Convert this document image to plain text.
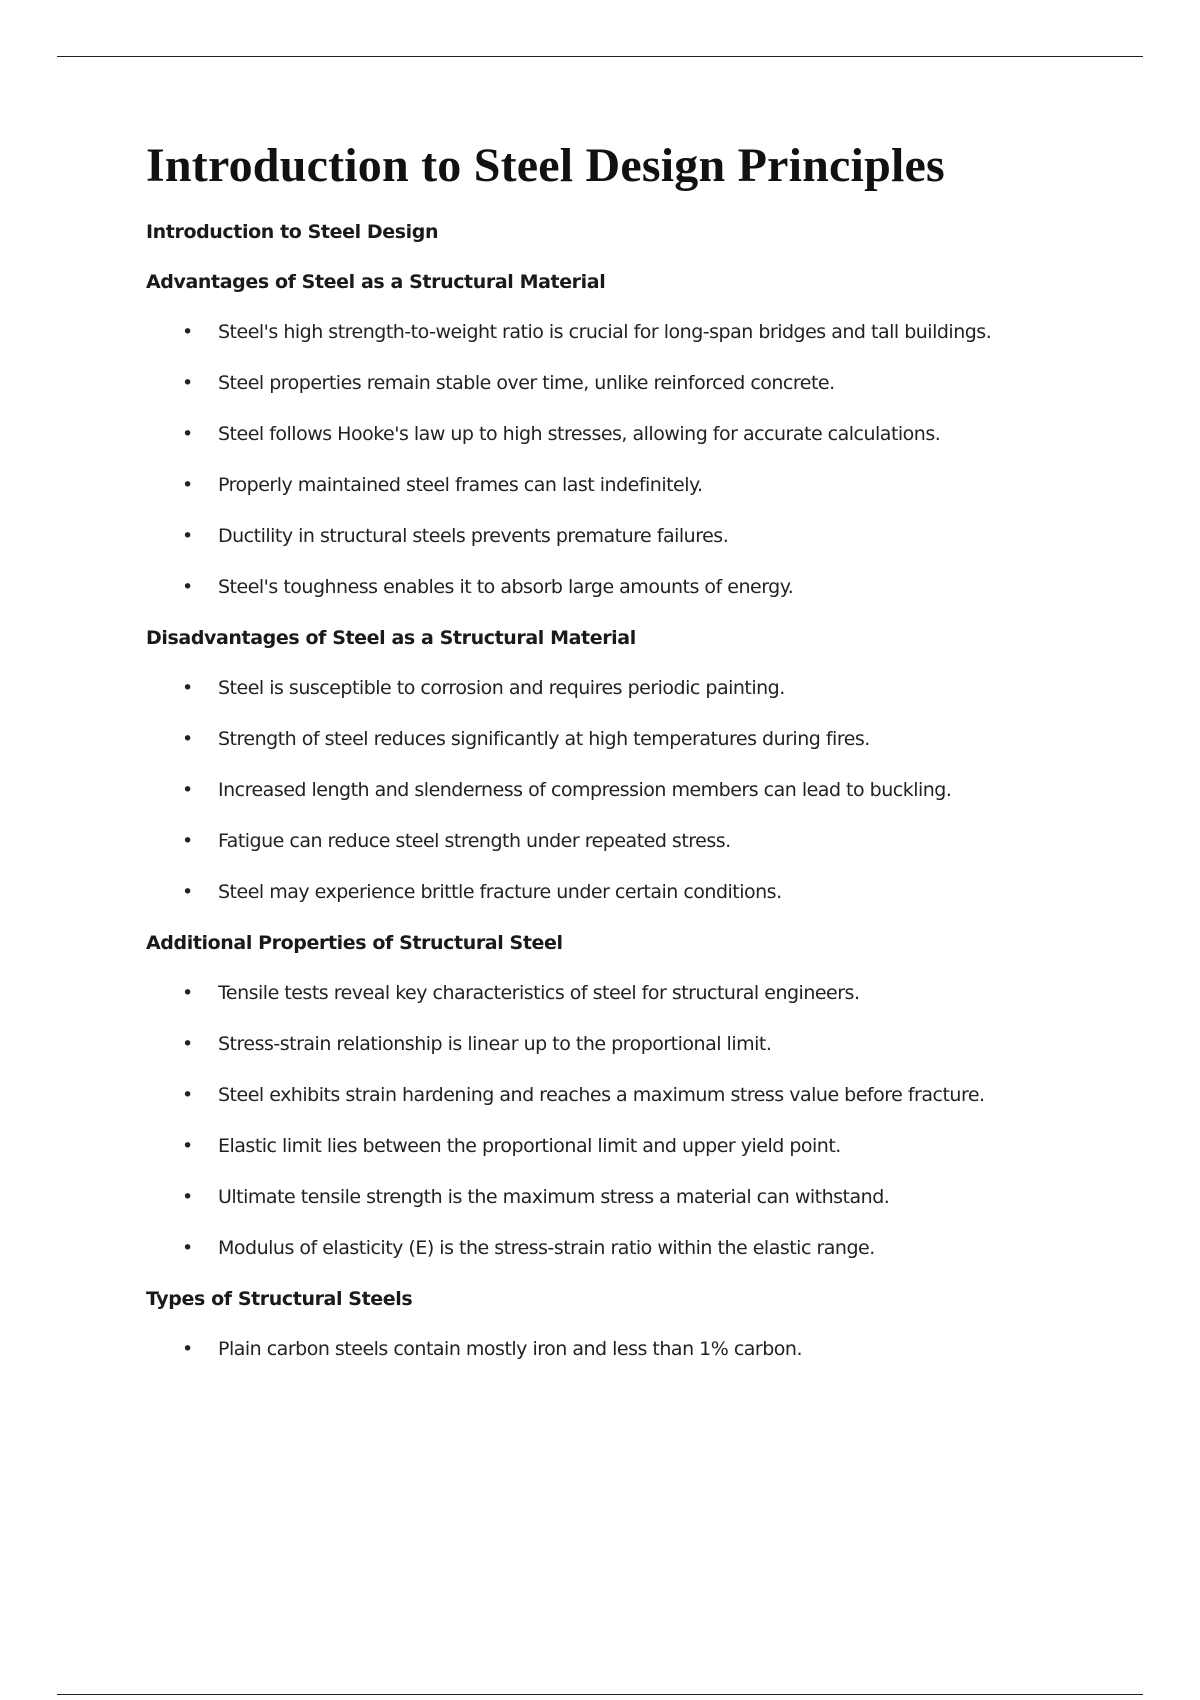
Introduction to Steel Design Principles
Introduction to Steel Design
Advantages of Steel as a Structural Material
• Steel's high strength-to-weight ratio is crucial for long-span bridges and tall buildings.
• Steel properties remain stable over time, unlike reinforced concrete.
• Steel follows Hooke's law up to high stresses, allowing for accurate calculations.
• Properly maintained steel frames can last indefinitely.
• Ductility in structural steels prevents premature failures.
• Steel's toughness enables it to absorb large amounts of energy.
Disadvantages of Steel as a Structural Material
• Steel is susceptible to corrosion and requires periodic painting.
• Strength of steel reduces significantly at high temperatures during fires.
• Increased length and slenderness of compression members can lead to buckling.
• Fatigue can reduce steel strength under repeated stress.
• Steel may experience brittle fracture under certain conditions.
Additional Properties of Structural Steel
• Tensile tests reveal key characteristics of steel for structural engineers.
• Stress-strain relationship is linear up to the proportional limit.
• Steel exhibits strain hardening and reaches a maximum stress value before fracture.
• Elastic limit lies between the proportional limit and upper yield point.
• Ultimate tensile strength is the maximum stress a material can withstand.
• Modulus of elasticity (E) is the stress-strain ratio within the elastic range.
Types of Structural Steels
• Plain carbon steels contain mostly iron and less than 1% carbon.
